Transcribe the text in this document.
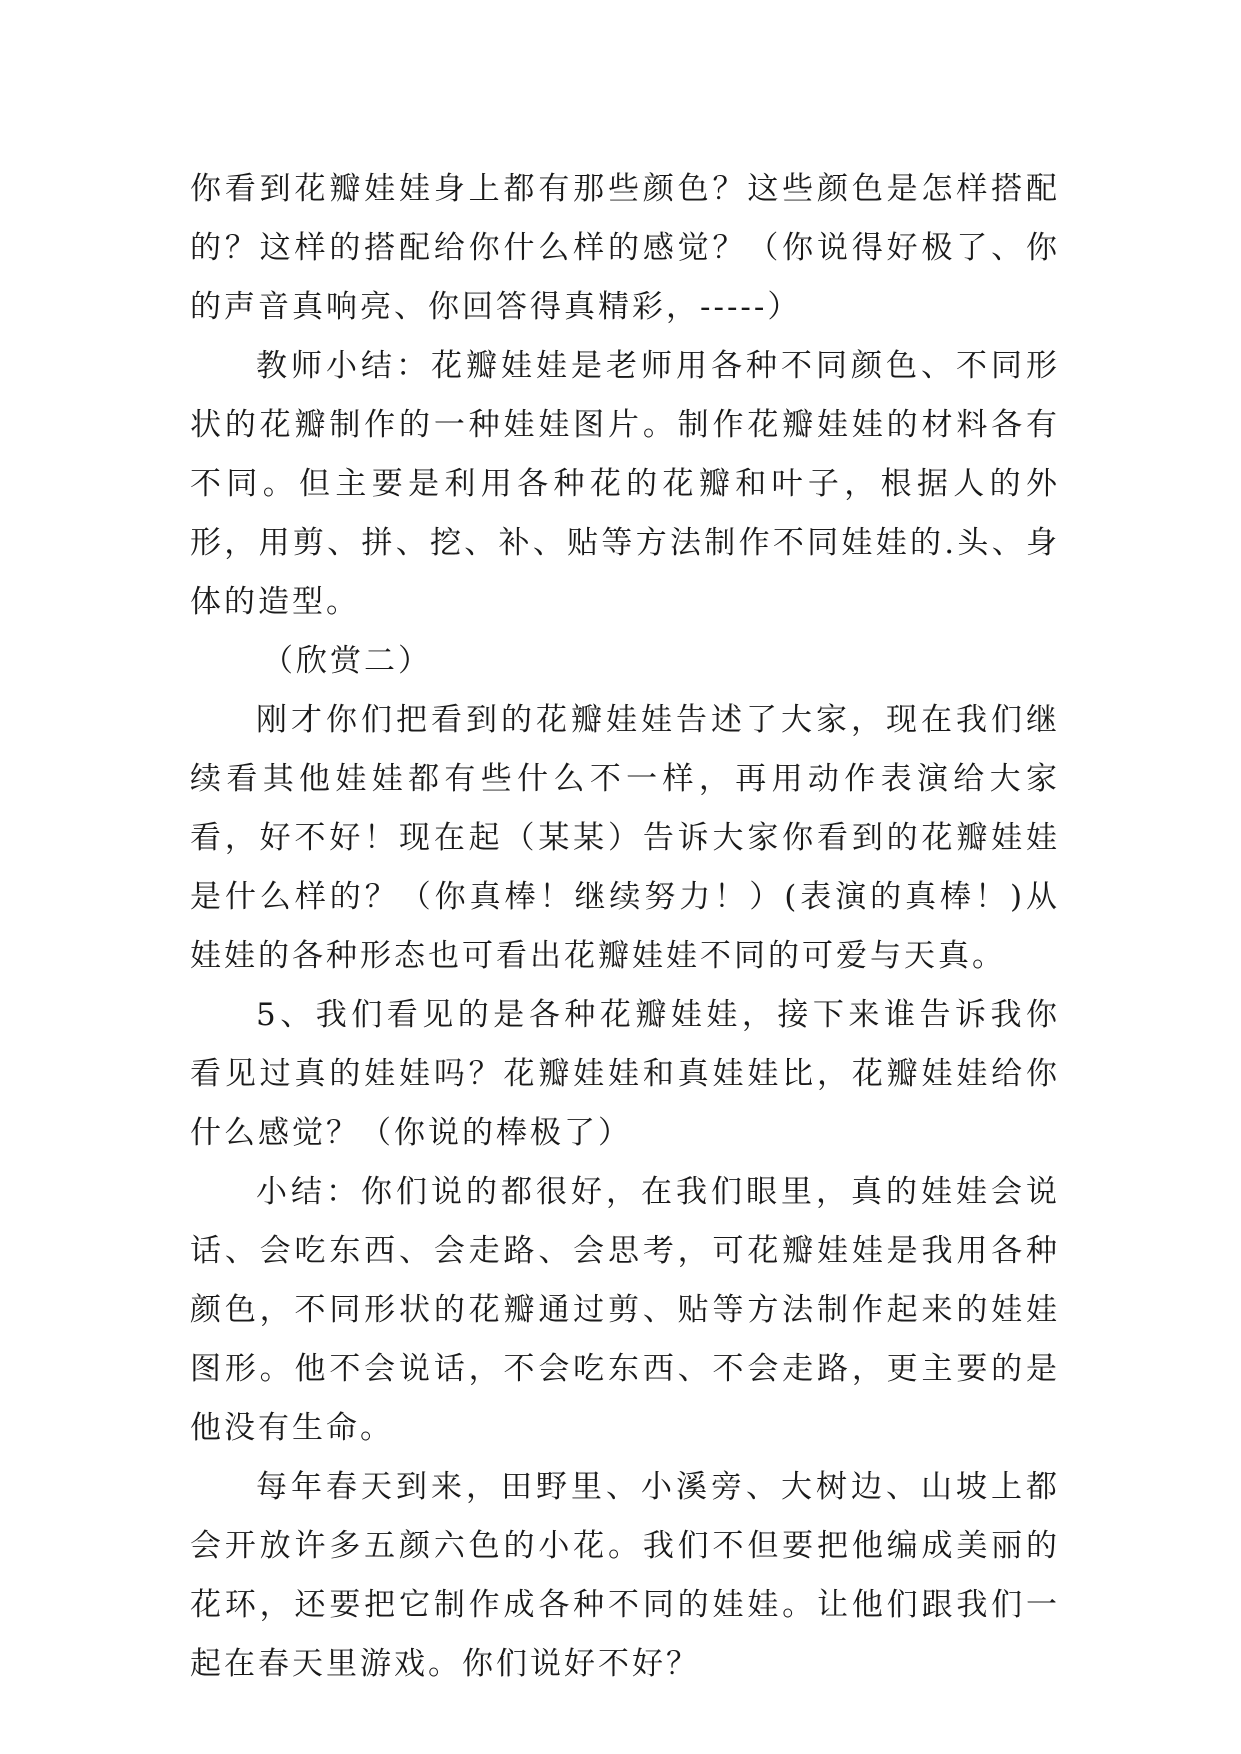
你看到花瓣娃娃身上都有那些颜色？这些颜色是怎样搭配的？这样的搭配给你什么样的感觉？（你说得好极了、你的声音真响亮、你回答得真精彩，-----）

教师小结：花瓣娃娃是老师用各种不同颜色、不同形状的花瓣制作的一种娃娃图片。制作花瓣娃娃的材料各有不同。但主要是利用各种花的花瓣和叶子，根据人的外形，用剪、拼、挖、补、贴等方法制作不同娃娃的.头、身体的造型。

（欣赏二）

刚才你们把看到的花瓣娃娃告述了大家，现在我们继续看其他娃娃都有些什么不一样，再用动作表演给大家看，好不好！现在起（某某）告诉大家你看到的花瓣娃娃是什么样的？（你真棒！继续努力！）(表演的真棒！)从娃娃的各种形态也可看出花瓣娃娃不同的可爱与天真。

5、我们看见的是各种花瓣娃娃，接下来谁告诉我你看见过真的娃娃吗？花瓣娃娃和真娃娃比，花瓣娃娃给你什么感觉？（你说的棒极了）

小结：你们说的都很好，在我们眼里，真的娃娃会说话、会吃东西、会走路、会思考，可花瓣娃娃是我用各种颜色，不同形状的花瓣通过剪、贴等方法制作起来的娃娃图形。他不会说话，不会吃东西、不会走路，更主要的是他没有生命。

每年春天到来，田野里、小溪旁、大树边、山坡上都会开放许多五颜六色的小花。我们不但要把他编成美丽的花环，还要把它制作成各种不同的娃娃。让他们跟我们一起在春天里游戏。你们说好不好？
